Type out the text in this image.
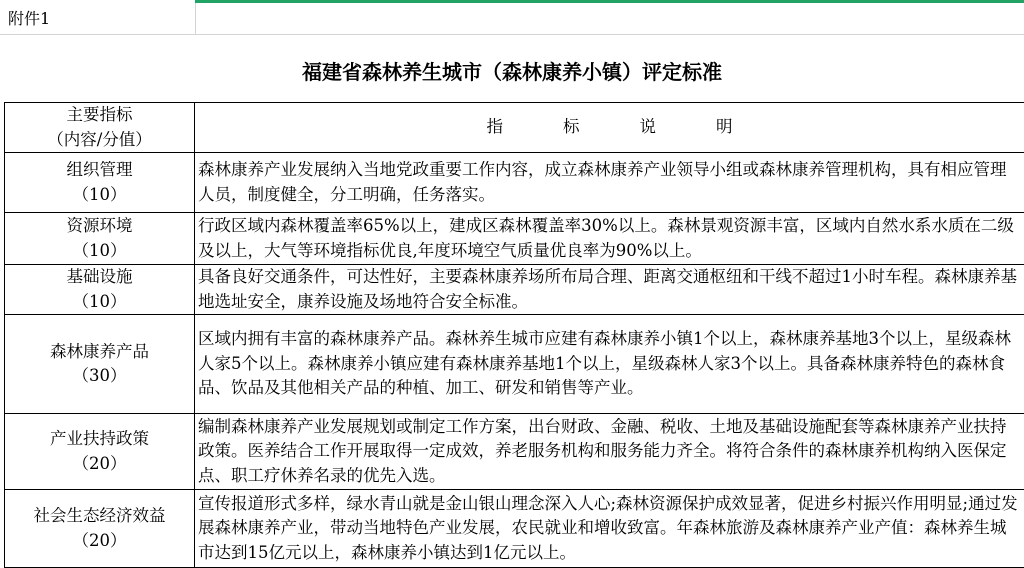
附件1
福建省森林养生城市（森林康养小镇）评定标准
主要指标
（内容/分值）	指 标 说 明

组织管理
（10）	森林康养产业发展纳入当地党政重要工作内容，成立森林康养产业领导小组或森林康养管理机构，具有相应管理人员，制度健全，分工明确，任务落实。

资源环境
（10）	行政区域内森林覆盖率65%以上，建成区森林覆盖率30%以上。森林景观资源丰富，区域内自然水系水质在二级及以上，大气等环境指标优良,年度环境空气质量优良率为90%以上。

基础设施
（10）	具备良好交通条件，可达性好，主要森林康养场所布局合理、距离交通枢纽和干线不超过1小时车程。森林康养基地选址安全，康养设施及场地符合安全标准。

森林康养产品
（30）	区域内拥有丰富的森林康养产品。森林养生城市应建有森林康养小镇1个以上，森林康养基地3个以上，星级森林人家5个以上。森林康养小镇应建有森林康养基地1个以上，星级森林人家3个以上。具备森林康养特色的森林食品、饮品及其他相关产品的种植、加工、研发和销售等产业。

产业扶持政策
（20）	编制森林康养产业发展规划或制定工作方案，出台财政、金融、税收、土地及基础设施配套等森林康养产业扶持政策。医养结合工作开展取得一定成效，养老服务机构和服务能力齐全。将符合条件的森林康养机构纳入医保定点、职工疗休养名录的优先入选。

社会生态经济效益
（20）	宣传报道形式多样，绿水青山就是金山银山理念深入人心;森林资源保护成效显著，促进乡村振兴作用明显;通过发展森林康养产业，带动当地特色产业发展，农民就业和增收致富。年森林旅游及森林康养产业产值：森林养生城市达到15亿元以上，森林康养小镇达到1亿元以上。
